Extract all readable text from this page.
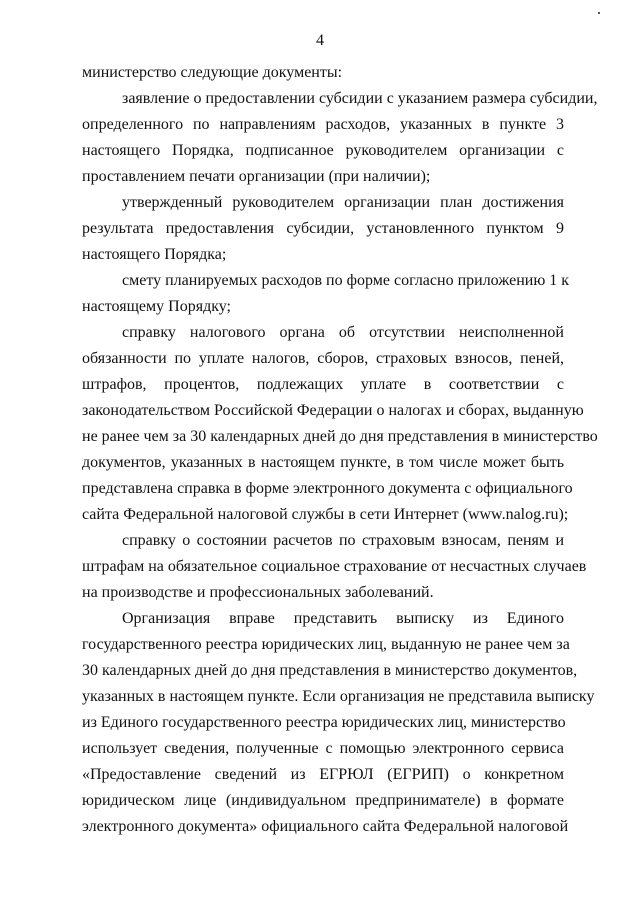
4
министерство следующие документы:
заявление о предоставлении субсидии с указанием размера субсидии,
определенного по направлениям расходов, указанных в пункте 3
настоящего Порядка, подписанное руководителем организации с
проставлением печати организации (при наличии);
утвержденный руководителем организации план достижения
результата предоставления субсидии, установленного пунктом 9
настоящего Порядка;
смету планируемых расходов по форме согласно приложению 1 к
настоящему Порядку;
справку налогового органа об отсутствии неисполненной
обязанности по уплате налогов, сборов, страховых взносов, пеней,
штрафов, процентов, подлежащих уплате в соответствии с
законодательством Российской Федерации о налогах и сборах, выданную
не ранее чем за 30 календарных дней до дня представления в министерство
документов, указанных в настоящем пункте, в том числе может быть
представлена справка в форме электронного документа с официального
сайта Федеральной налоговой службы в сети Интернет (www.nalog.ru);
справку о состоянии расчетов по страховым взносам, пеням и
штрафам на обязательное социальное страхование от несчастных случаев
на производстве и профессиональных заболеваний.
Организация вправе представить выписку из Единого
государственного реестра юридических лиц, выданную не ранее чем за
30 календарных дней до дня представления в министерство документов,
указанных в настоящем пункте. Если организация не представила выписку
из Единого государственного реестра юридических лиц, министерство
использует сведения, полученные с помощью электронного сервиса
«Предоставление сведений из ЕГРЮЛ (ЕГРИП) о конкретном
юридическом лице (индивидуальном предпринимателе) в формате
электронного документа» официального сайта Федеральной налоговой
